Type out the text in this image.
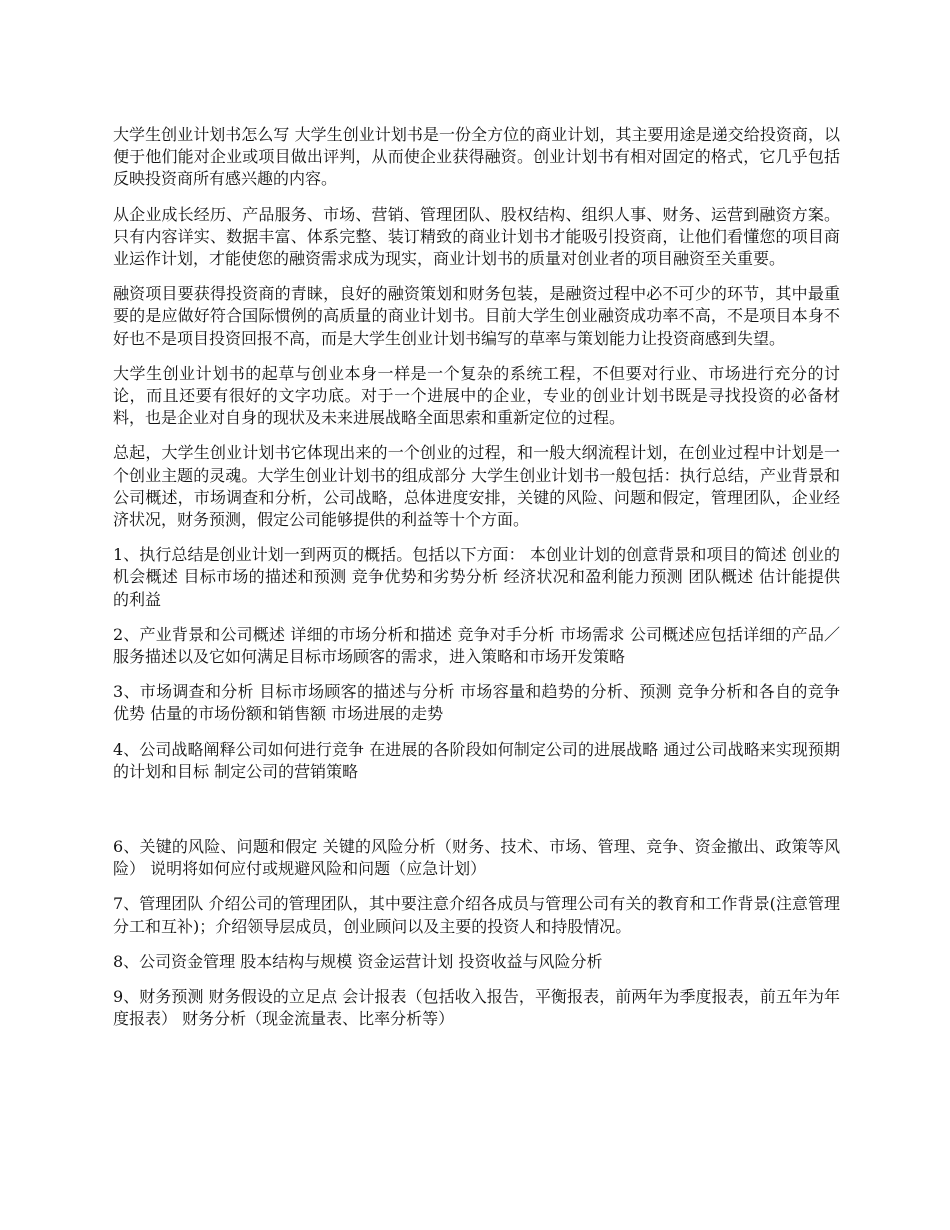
大学生创业计划书怎么写 大学生创业计划书是一份全方位的商业计划，其主要用途是递交给投资商，以便于他们能对企业或项目做出评判，从而使企业获得融资。创业计划书有相对固定的格式，它几乎包括反映投资商所有感兴趣的内容。

从企业成长经历、产品服务、市场、营销、管理团队、股权结构、组织人事、财务、运营到融资方案。只有内容详实、数据丰富、体系完整、装订精致的商业计划书才能吸引投资商，让他们看懂您的项目商业运作计划，才能使您的融资需求成为现实，商业计划书的质量对创业者的项目融资至关重要。

融资项目要获得投资商的青睐，良好的融资策划和财务包装，是融资过程中必不可少的环节，其中最重要的是应做好符合国际惯例的高质量的商业计划书。目前大学生创业融资成功率不高，不是项目本身不好也不是项目投资回报不高，而是大学生创业计划书编写的草率与策划能力让投资商感到失望。

大学生创业计划书的起草与创业本身一样是一个复杂的系统工程，不但要对行业、市场进行充分的讨论，而且还要有很好的文字功底。对于一个进展中的企业，专业的创业计划书既是寻找投资的必备材料，也是企业对自身的现状及未来进展战略全面思索和重新定位的过程。

总起，大学生创业计划书它体现出来的一个创业的过程，和一般大纲流程计划，在创业过程中计划是一个创业主题的灵魂。大学生创业计划书的组成部分 大学生创业计划书一般包括：执行总结，产业背景和公司概述，市场调查和分析，公司战略，总体进度安排，关键的风险、问题和假定，管理团队，企业经济状况，财务预测，假定公司能够提供的利益等十个方面。

1、执行总结是创业计划一到两页的概括。包括以下方面： 本创业计划的创意背景和项目的简述 创业的机会概述 目标市场的描述和预测 竞争优势和劣势分析 经济状况和盈利能力预测 团队概述 估计能提供的利益

2、产业背景和公司概述 详细的市场分析和描述 竞争对手分析 市场需求 公司概述应包括详细的产品／服务描述以及它如何满足目标市场顾客的需求，进入策略和市场开发策略

3、市场调查和分析 目标市场顾客的描述与分析 市场容量和趋势的分析、预测 竞争分析和各自的竞争优势 估量的市场份额和销售额 市场进展的走势

4、公司战略阐释公司如何进行竞争 在进展的各阶段如何制定公司的进展战略 通过公司战略来实现预期的计划和目标 制定公司的营销策略

6、关键的风险、问题和假定 关键的风险分析（财务、技术、市场、管理、竞争、资金撤出、政策等风险） 说明将如何应付或规避风险和问题（应急计划）

7、管理团队 介绍公司的管理团队，其中要注意介绍各成员与管理公司有关的教育和工作背景(注意管理分工和互补)；介绍领导层成员，创业顾问以及主要的投资人和持股情况。

8、公司资金管理 股本结构与规模 资金运营计划 投资收益与风险分析

9、财务预测 财务假设的立足点 会计报表（包括收入报告，平衡报表，前两年为季度报表，前五年为年度报表） 财务分析（现金流量表、比率分析等）
